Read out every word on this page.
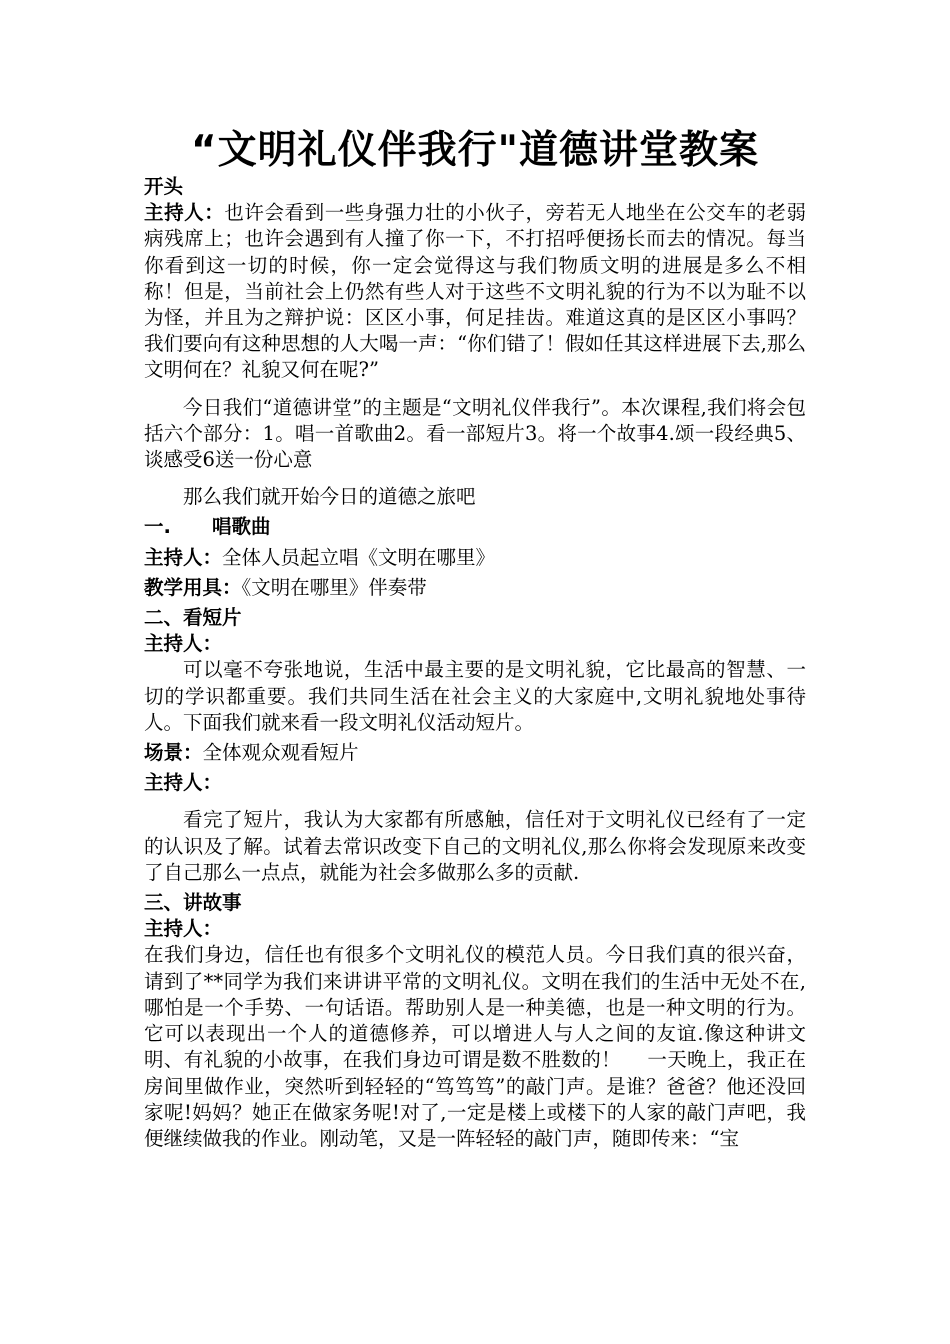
“文明礼仪伴我行"道德讲堂教案
开头

主持人：也许会看到一些身强力壮的小伙子，旁若无人地坐在公交车的老弱病残席上；也许会遇到有人撞了你一下，不打招呼便扬长而去的情况。每当你看到这一切的时候，你一定会觉得这与我们物质文明的进展是多么不相称！但是，当前社会上仍然有些人对于这些不文明礼貌的行为不以为耻不以为怪，并且为之辩护说：区区小事，何足挂齿。难道这真的是区区小事吗？我们要向有这种思想的人大喝一声：“你们错了！假如任其这样进展下去,那么文明何在？礼貌又何在呢?”

今日我们“道德讲堂”的主题是“文明礼仪伴我行”。本次课程,我们将会包括六个部分：1。唱一首歌曲2。看一部短片3。将一个故事4.颂一段经典5、谈感受6送一份心意

那么我们就开始今日的道德之旅吧

一. 唱歌曲

主持人：全体人员起立唱《文明在哪里》

教学用具：《文明在哪里》伴奏带

二、看短片
主持人：

可以毫不夸张地说，生活中最主要的是文明礼貌，它比最高的智慧、一切的学识都重要。我们共同生活在社会主义的大家庭中,文明礼貌地处事待人。下面我们就来看一段文明礼仪活动短片。

场景：全体观众观看短片

主持人：

看完了短片，我认为大家都有所感触，信任对于文明礼仪已经有了一定的认识及了解。试着去常识改变下自己的文明礼仪,那么你将会发现原来改变了自己那么一点点，就能为社会多做那么多的贡献.

三、讲故事
主持人：

在我们身边，信任也有很多个文明礼仪的模范人员。今日我们真的很兴奋，请到了**同学为我们来讲讲平常的文明礼仪。文明在我们的生活中无处不在,哪怕是一个手势、一句话语。帮助别人是一种美德，也是一种文明的行为。它可以表现出一个人的道德修养，可以增进人与人之间的友谊.像这种讲文明、有礼貌的小故事，在我们身边可谓是数不胜数的！　 一天晚上，我正在房间里做作业，突然听到轻轻的“笃笃笃”的敲门声。是谁？爸爸？他还没回家呢!妈妈？她正在做家务呢!对了,一定是楼上或楼下的人家的敲门声吧，我便继续做我的作业。刚动笔，又是一阵轻轻的敲门声，随即传来：“宝
